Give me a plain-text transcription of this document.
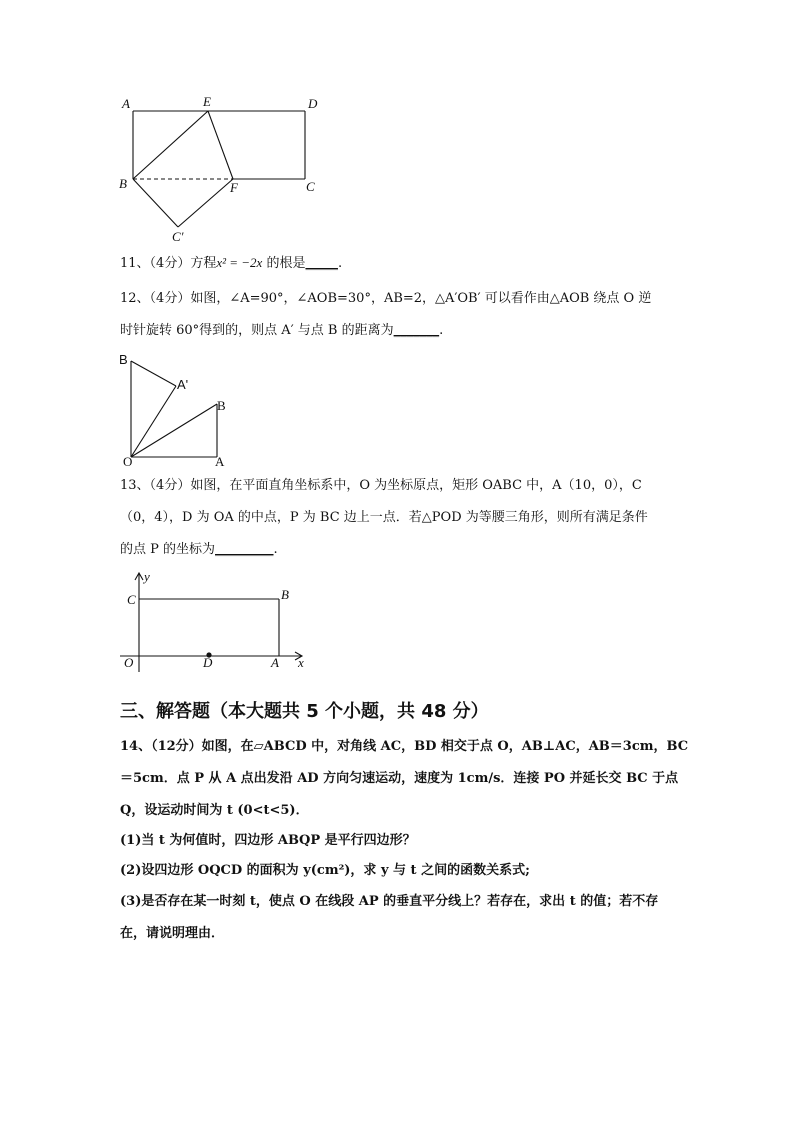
A	E	D
B	F	C
C′
11、（4分）方程x² = −2x 的根是_____.
12、（4分）如图，∠A=90°，∠AOB=30°，AB=2，△A′OB′ 可以看作由△AOB 绕点 O 逆
时针旋转 60°得到的，则点 A′ 与点 B 的距离为_______.
B
A'
B
O	A
13、（4分）如图，在平面直角坐标系中，O 为坐标原点，矩形 OABC 中，A（10，0），C
（0，4），D 为 OA 的中点，P 为 BC 边上一点．若△POD 为等腰三角形，则所有满足条件
的点 P 的坐标为_________.
y
C	B
O	D	A x
三、解答题（本大题共 5 个小题，共 48 分）
14、（12分）如图，在▱ABCD 中，对角线 AC，BD 相交于点 O，AB⊥AC，AB＝3cm，BC
＝5cm．点 P 从 A 点出发沿 AD 方向匀速运动，速度为 1cm/s．连接 PO 并延长交 BC 于点
Q，设运动时间为 t (0<t<5)．
(1)当 t 为何值时，四边形 ABQP 是平行四边形？
(2)设四边形 OQCD 的面积为 y(cm²)，求 y 与 t 之间的函数关系式;
(3)是否存在某一时刻 t，使点 O 在线段 AP 的垂直平分线上？若存在，求出 t 的值；若不存
在，请说明理由．
